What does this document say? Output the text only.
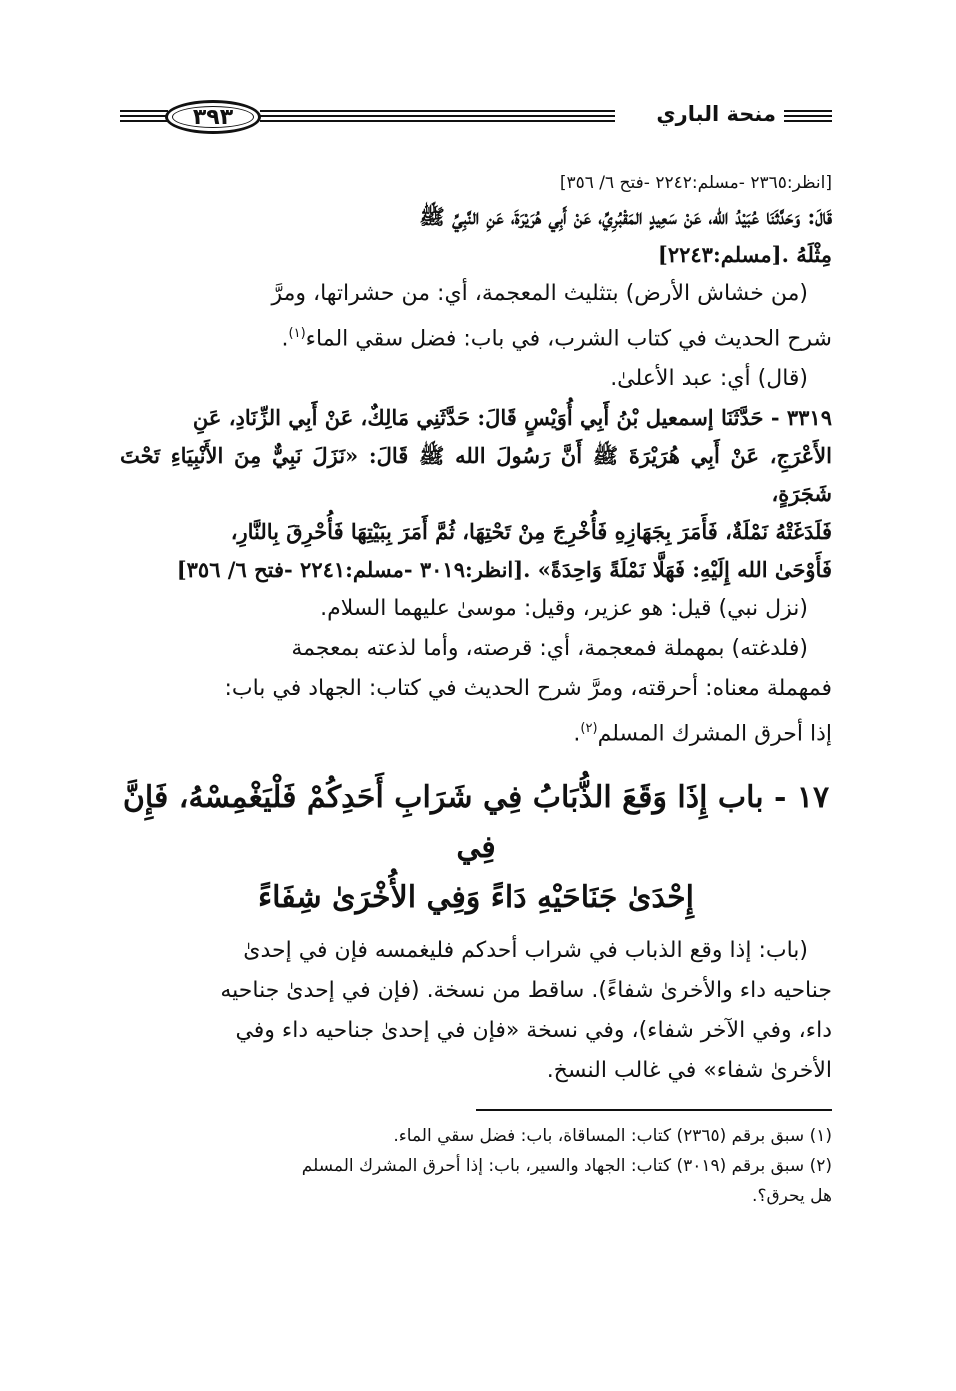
٣٩٣	منحة الباري

[انظر:٢٣٦٥ -مسلم:٢٢٤٢ -فتح ٦/ ٣٥٦]

قَالَ: وَحَدَّثَنَا عُبَيْدُ الله، عَنْ سَعِيدٍ المَقْبُرِيِّ، عَنْ أَبِي هُرَيْرَةَ، عَنِ النَّبِيِّ ﷺ

مِثْلَهُ .[مسلم:٢٢٤٣]

(من خشاش الأرض) بتثليث المعجمة، أي: من حشراتها، ومرَّ

شرح الحديث في كتاب الشرب، في باب: فضل سقي الماء$^{(١)}$.

(قال) أي: عبد الأعلىٰ.

٣٣١٩ - حَدَّثَنَا إسمعيل بْنُ أَبِي أُوَيْسٍ قَالَ: حَدَّثَنِي مَالِكٌ، عَنْ أَبِي الزِّنَادِ، عَنِ

الأَعْرَجِ، عَنْ أَبِي هُرَيْرَةَ ﷺ أَنَّ رَسُولَ الله ﷺ قَالَ: «نَزَلَ نَبِيٌّ مِنَ الأَنْبِيَاءِ تَحْتَ شَجَرَةٍ،

فَلَدَغَتْهُ نَمْلَةٌ، فَأَمَرَ بِجَهَازِهِ فَأُخْرِجَ مِنْ تَحْتِهَا، ثُمَّ أَمَرَ بِبَيْتِهَا فَأُحْرِقَ بِالنَّارِ،

فَأَوْحَىٰ الله إِلَيْهِ: فَهَلَّا نَمْلَةً وَاحِدَةً» .[انظر:٣٠١٩ -مسلم:٢٢٤١ -فتح ٦/ ٣٥٦]

(نزل نبي) قيل: هو عزير، وقيل: موسىٰ عليهما السلام.

(فلدغته) بمهملة فمعجمة، أي: قرصته، وأما لذعته بمعجمة

فمهملة معناه: أحرقته، ومرَّ شرح الحديث في كتاب: الجهاد في باب:

إذا أحرق المشرك المسلم$^{(٢)}$.

١٧ - باب إِذَا وَقَعَ الذُّبَابُ فِي شَرَابِ أَحَدِكُمْ فَلْيَغْمِسْهُ، فَإِنَّ فِي
إِحْدَىٰ جَنَاحَيْهِ دَاءً وَفِي الأُخْرَىٰ شِفَاءً

(باب: إذا وقع الذباب في شراب أحدكم فليغمسه فإن في إحدىٰ

جناحيه داء والأخرىٰ شفاءً). ساقط من نسخة. (فإن في إحدىٰ جناحيه

داء، وفي الآخر شفاء)، وفي نسخة «فإن في إحدىٰ جناحيه داء وفي

الأخرىٰ شفاء» في غالب النسخ.

(١) سبق برقم (٢٣٦٥) كتاب: المساقاة، باب: فضل سقي الماء.

(٢) سبق برقم (٣٠١٩) كتاب: الجهاد والسير، باب: إذا أحرق المشرك المسلم

هل يحرق؟.
